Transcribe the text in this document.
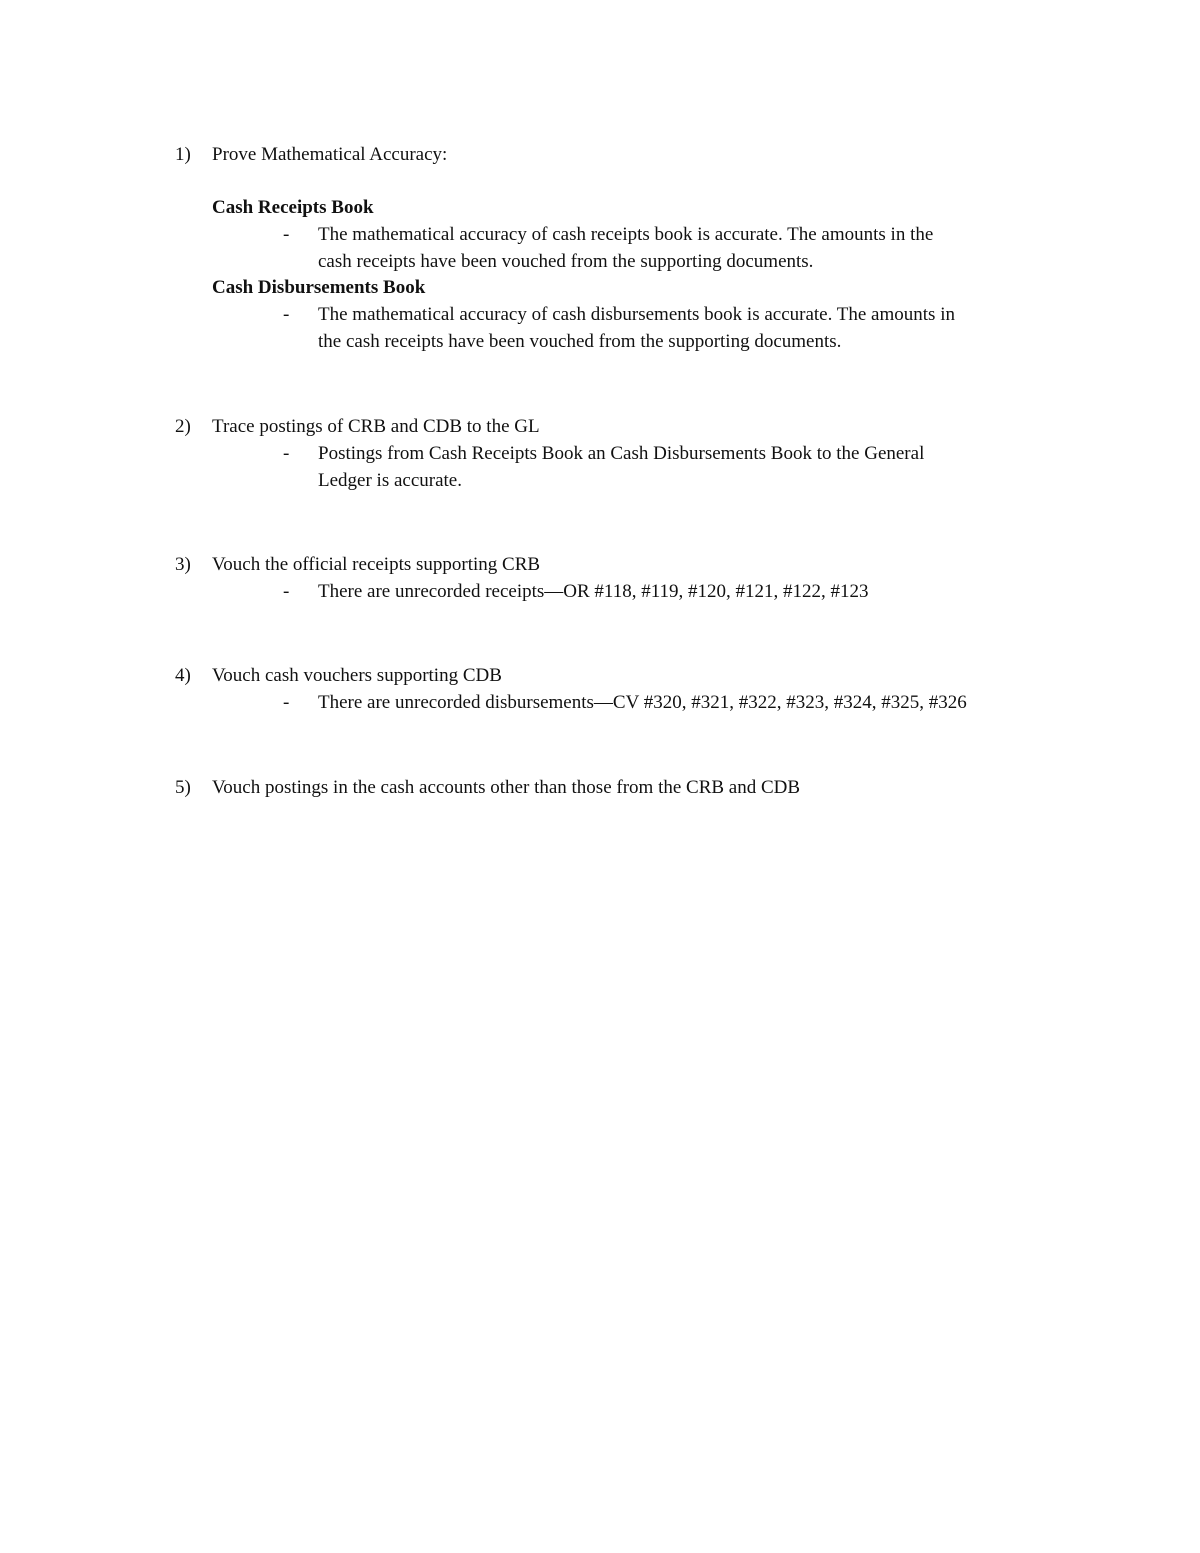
1) Prove Mathematical Accuracy:
Cash Receipts Book
- The mathematical accuracy of cash receipts book is accurate. The amounts in the
cash receipts have been vouched from the supporting documents.
Cash Disbursements Book
- The mathematical accuracy of cash disbursements book is accurate. The amounts in
the cash receipts have been vouched from the supporting documents.
2) Trace postings of CRB and CDB to the GL
- Postings from Cash Receipts Book an Cash Disbursements Book to the General
Ledger is accurate.
3) Vouch the official receipts supporting CRB
- There are unrecorded receipts—OR #118, #119, #120, #121, #122, #123
4) Vouch cash vouchers supporting CDB
- There are unrecorded disbursements—CV #320, #321, #322, #323, #324, #325, #326
5) Vouch postings in the cash accounts other than those from the CRB and CDB
